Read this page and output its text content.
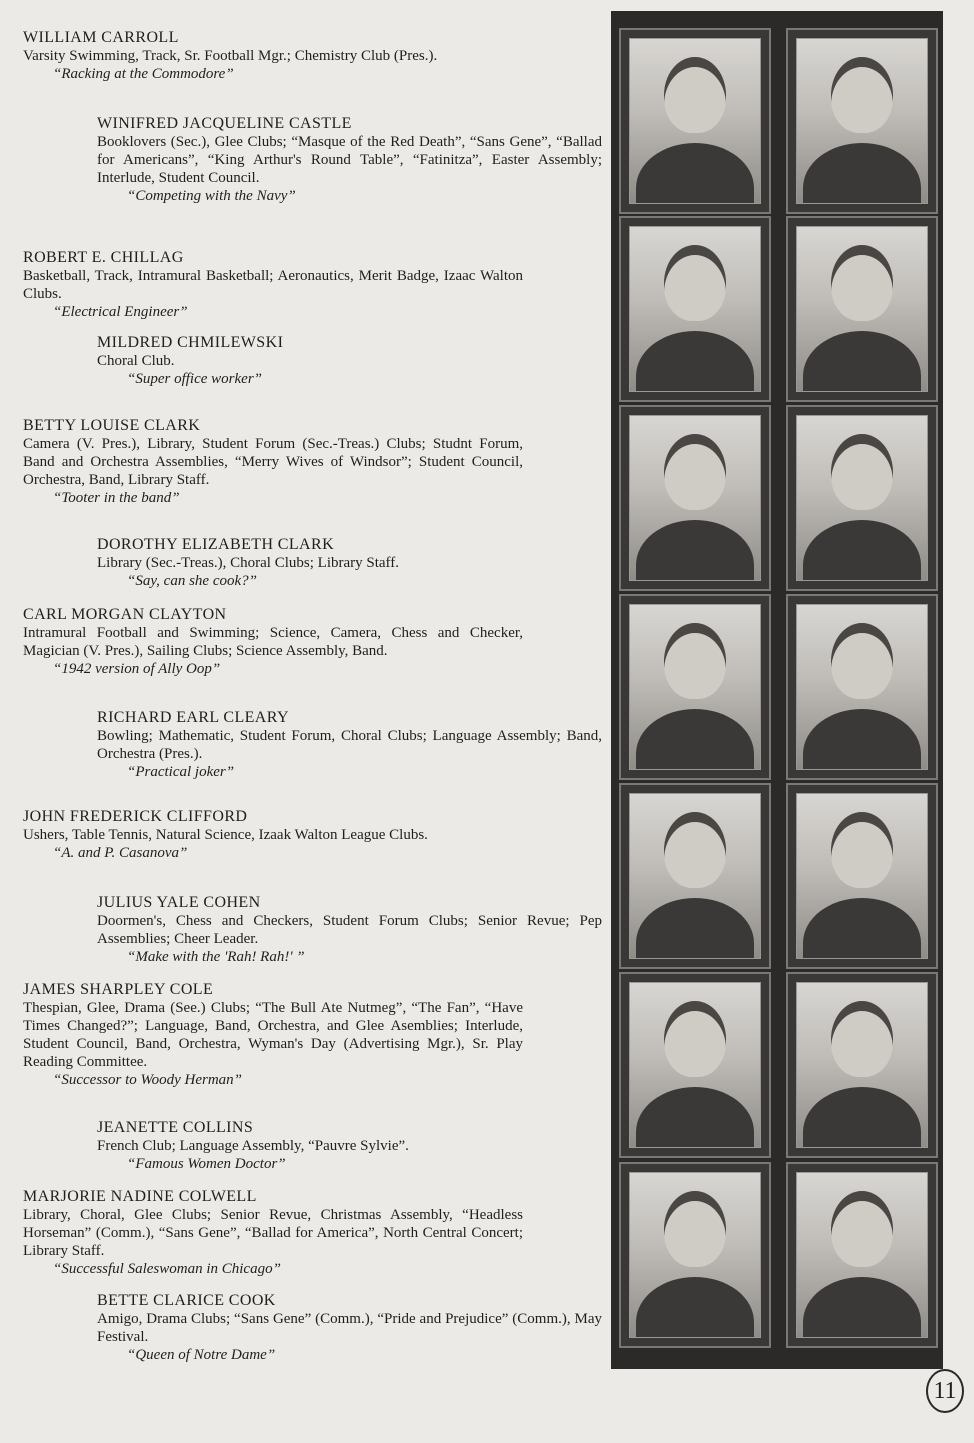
WILLIAM CARROLL
Varsity Swimming, Track, Sr. Football Mgr.; Chemistry Club (Pres.).
“Racking at the Commodore”
WINIFRED JACQUELINE CASTLE
Booklovers (Sec.), Glee Clubs; “Masque of the Red Death”, “Sans Gene”, “Ballad for Americans”, “King Arthur's Round Table”, “Fatinitza”, Easter Assembly; Interlude, Student Council.
“Competing with the Navy”
ROBERT E. CHILLAG
Basketball, Track, Intramural Basketball; Aeronautics, Merit Badge, Izaac Walton Clubs.
“Electrical Engineer”
MILDRED CHMILEWSKI
Choral Club.
“Super office worker”
BETTY LOUISE CLARK
Camera (V. Pres.), Library, Student Forum (Sec.-Treas.) Clubs; Studnt Forum, Band and Orchestra Assemblies, “Merry Wives of Windsor”; Student Council, Orchestra, Band, Library Staff.
“Tooter in the band”
DOROTHY ELIZABETH CLARK
Library (Sec.-Treas.), Choral Clubs; Library Staff.
“Say, can she cook?”
CARL MORGAN CLAYTON
Intramural Football and Swimming; Science, Camera, Chess and Checker, Magician (V. Pres.), Sailing Clubs; Science Assembly, Band.
“1942 version of Ally Oop”
RICHARD EARL CLEARY
Bowling; Mathematic, Student Forum, Choral Clubs; Language Assembly; Band, Orchestra (Pres.).
“Practical joker”
JOHN FREDERICK CLIFFORD
Ushers, Table Tennis, Natural Science, Izaak Walton League Clubs.
“A. and P. Casanova”
JULIUS YALE COHEN
Doormen's, Chess and Checkers, Student Forum Clubs; Senior Revue; Pep Assemblies; Cheer Leader.
“Make with the 'Rah! Rah!' ”
JAMES SHARPLEY COLE
Thespian, Glee, Drama (See.) Clubs; “The Bull Ate Nutmeg”, “The Fan”, “Have Times Changed?”; Language, Band, Orchestra, and Glee Asemblies; Interlude, Student Council, Band, Orchestra, Wyman's Day (Advertising Mgr.), Sr. Play Reading Committee.
“Successor to Woody Herman”
JEANETTE COLLINS
French Club; Language Assembly, “Pauvre Sylvie”.
“Famous Women Doctor”
MARJORIE NADINE COLWELL
Library, Choral, Glee Clubs; Senior Revue, Christmas Assembly, “Headless Horseman” (Comm.), “Sans Gene”, “Ballad for America”, North Central Concert; Library Staff.
“Successful Saleswoman in Chicago”
BETTE CLARICE COOK
Amigo, Drama Clubs; “Sans Gene” (Comm.), “Pride and Prejudice” (Comm.), May Festival.
“Queen of Notre Dame”
11
